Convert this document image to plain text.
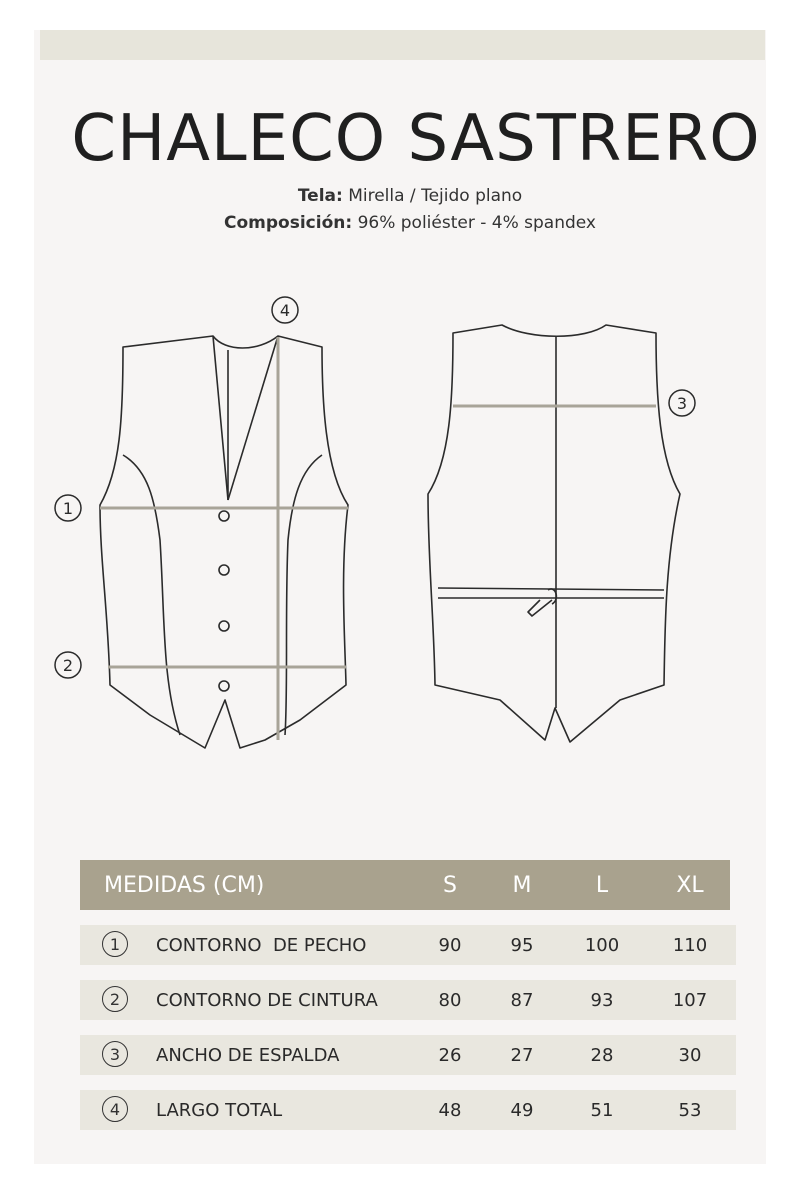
CHALECO SASTRERO
Tela: Mirella / Tejido plano
Composición: 96% poliéster - 4% spandex
4
1
2
3
MEDIDAS (CM)	S	M	L	XL
1	CONTORNO  DE PECHO	90	95	100	110
2	CONTORNO DE CINTURA	80	87	93	107
3	ANCHO DE ESPALDA	26	27	28	30
4	LARGO TOTAL	48	49	51	53
